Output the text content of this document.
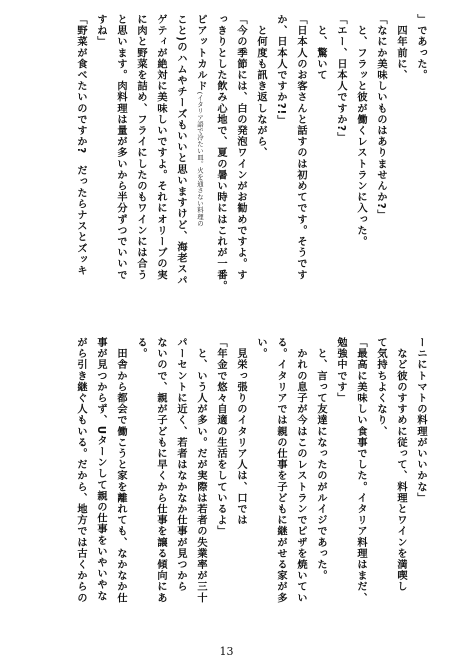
」であった。
　四年前に、
「なにか美味しいものはありませんか?」
　と、フラッと彼が働くレストランに入った。
「エー、日本人ですか?」
　と、驚いて
「日本人のお客さんと話すのは初めてです。そうです
か、日本人ですか?!」
　と何度も訊き返しながら、
「今の季節には、白の発泡ワインがお勧めですよ。す
っきりとした飲み心地で、夏の暑い時にはこれが一番。
ピアットカルド(イタリア語で冷たい皿。火を通さない料理の
こと)のハムやチーズもいいと思いますけど、海老スパ
ゲティが絶対に美味しいですよ。それにオリーブの実
に肉と野菜を詰め、フライにしたのもワインには合う
と思います。肉料理は量が多いから半分ずつでいいで
すね」
「野菜が食べたいのですか?　だったらナスとズッキ
ーニにトマトの料理がいいかな」
　など彼のすすめに従って、料理とワインを満喫し
て気持ちよくなり、
「最高に美味しい食事でした。イタリア料理はまだ、
勉強中です」
　と、言って友達になったのがルイジであった。
　かれの息子が今はこのレストランでピザを焼いてい
る。イタリアでは親の仕事を子どもに継がせる家が多
い。
　見栄っ張りのイタリア人は、口では
「年金で悠々自適の生活をしているよ」
　と、いう人が多い。だが実際は若者の失業率が三十
パーセントに近く、若者はなかなか仕事が見つから
ないので、親が子どもに早くから仕事を譲る傾向にあ
る。
　田舎から都会で働こうと家を離れても、なかなか仕
事が見つからず、Uターンして親の仕事をいやいやな
がら引き継ぐ人もいる。だから、地方では古くからの
13
